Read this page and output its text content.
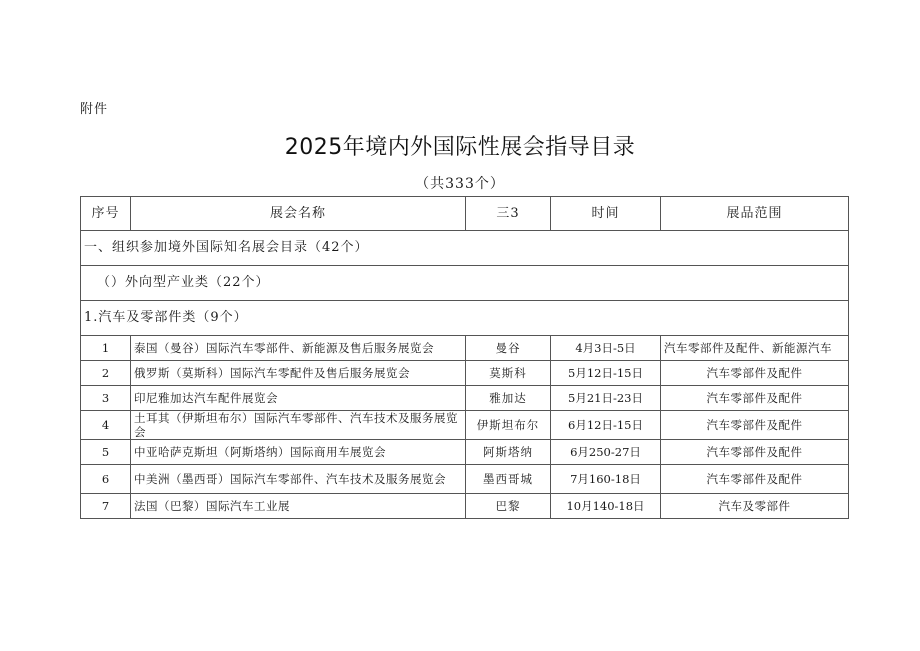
附件
2025年境内外国际性展会指导目录
（共333个）
序号	展会名称	三3	时间	展品范围
一、组织参加境外国际知名展会目录（42个）				
（）外向型产业类（22个）				
1.汽车及零部件类（9个）				
1	泰国（曼谷）国际汽车零部件、新能源及售后服务展览会	曼谷	4月3日-5日	汽车零部件及配件、新能源汽车
2	俄罗斯（莫斯科）国际汽车零配件及售后服务展览会	莫斯科	5月12日-15日	汽车零部件及配件
3	印尼雅加达汽车配件展览会	雅加达	5月21日-23日	汽车零部件及配件
4	土耳其（伊斯坦布尔）国际汽车零部件、汽车技术及服务展览会	伊斯坦布尔	6月12日-15日	汽车零部件及配件
5	中亚哈萨克斯坦（阿斯塔纳）国际商用车展览会	阿斯塔纳	6月250-27日	汽车零部件及配件
6	中美洲（墨西哥）国际汽车零部件、汽车技术及服务展览会	墨西哥城	7月160-18日	汽车零部件及配件
7	法国（巴黎）国际汽车工业展	巴黎	10月140-18日	汽车及零部件
